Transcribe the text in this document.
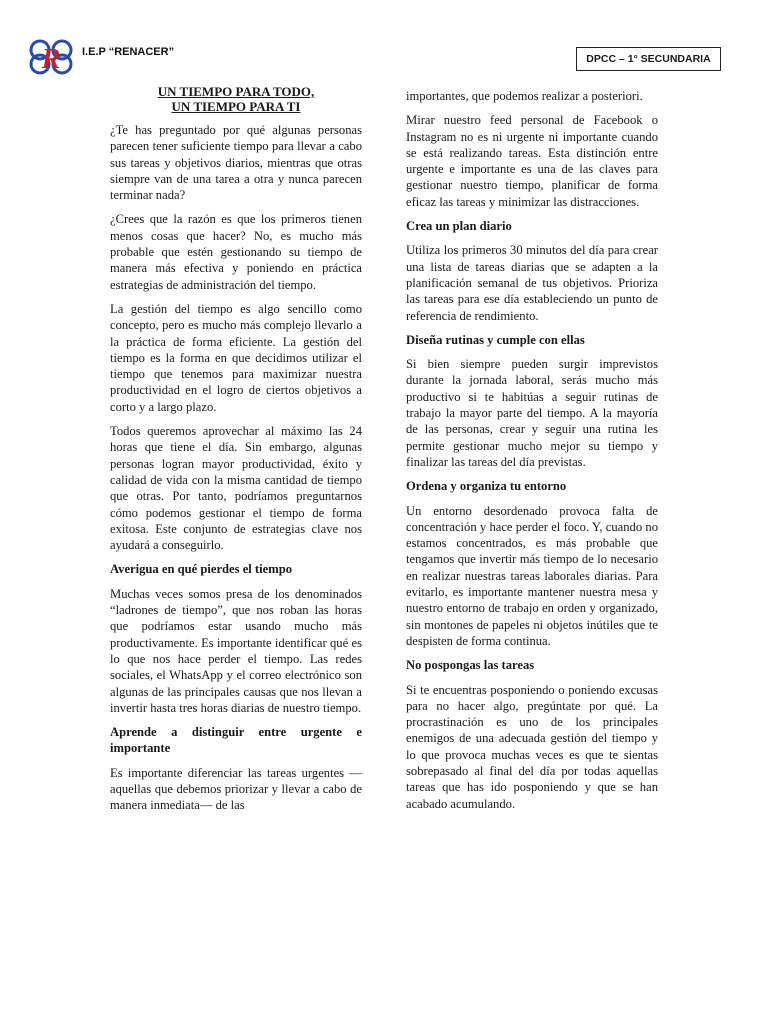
R I.E.P “RENACER”
DPCC – 1° SECUNDARIA
UN TIEMPO PARA TODO,
UN TIEMPO PARA TI

¿Te has preguntado por qué algunas personas parecen tener suficiente tiempo para llevar a cabo sus tareas y objetivos diarios, mientras que otras siempre van de una tarea a otra y nunca parecen terminar nada?

¿Crees que la razón es que los primeros tienen menos cosas que hacer? No, es mucho más probable que estén gestionando su tiempo de manera más efectiva y poniendo en práctica estrategias de administración del tiempo.

La gestión del tiempo es algo sencillo como concepto, pero es mucho más complejo llevarlo a la práctica de forma eficiente. La gestión del tiempo es la forma en que decidimos utilizar el tiempo que tenemos para maximizar nuestra productividad en el logro de ciertos objetivos a corto y a largo plazo.

Todos queremos aprovechar al máximo las 24 horas que tiene el día. Sin embargo, algunas personas logran mayor productividad, éxito y calidad de vida con la misma cantidad de tiempo que otras. Por tanto, podríamos preguntarnos cómo podemos gestionar el tiempo de forma exitosa. Este conjunto de estrategias clave nos ayudará a conseguirlo.

Averigua en qué pierdes el tiempo

Muchas veces somos presa de los denominados “ladrones de tiempo”, que nos roban las horas que podríamos estar usando mucho más productivamente. Es importante identificar qué es lo que nos hace perder el tiempo. Las redes sociales, el WhatsApp y el correo electrónico son algunas de las principales causas que nos llevan a invertir hasta tres horas diarias de nuestro tiempo.

Aprende a distinguir entre urgente e importante

Es importante diferenciar las tareas urgentes —aquellas que debemos priorizar y llevar a cabo de manera inmediata— de las

importantes, que podemos realizar a posteriori.

Mirar nuestro feed personal de Facebook o Instagram no es ni urgente ni importante cuando se está realizando tareas. Esta distinción entre urgente e importante es una de las claves para gestionar nuestro tiempo, planificar de forma eficaz las tareas y minimizar las distracciones.

Crea un plan diario

Utiliza los primeros 30 minutos del día para crear una lista de tareas diarias que se adapten a la planificación semanal de tus objetivos. Prioriza las tareas para ese día estableciendo un punto de referencia de rendimiento.

Diseña rutinas y cumple con ellas

Si bien siempre pueden surgir imprevistos durante la jornada laboral, serás mucho más productivo si te habitúas a seguir rutinas de trabajo la mayor parte del tiempo. A la mayoría de las personas, crear y seguir una rutina les permite gestionar mucho mejor su tiempo y finalizar las tareas del día previstas.

Ordena y organiza tu entorno

Un entorno desordenado provoca falta de concentración y hace perder el foco. Y, cuando no estamos concentrados, es más probable que tengamos que invertir más tiempo de lo necesario en realizar nuestras tareas laborales diarias. Para evitarlo, es importante mantener nuestra mesa y nuestro entorno de trabajo en orden y organizado, sin montones de papeles ni objetos inútiles que te despisten de forma continua.

No pospongas las tareas

Si te encuentras posponiendo o poniendo excusas para no hacer algo, pregúntate por qué. La procrastinación es uno de los principales enemigos de una adecuada gestión del tiempo y lo que provoca muchas veces es que te sientas sobrepasado al final del día por todas aquellas tareas que has ido posponiendo y que se han acabado acumulando.
